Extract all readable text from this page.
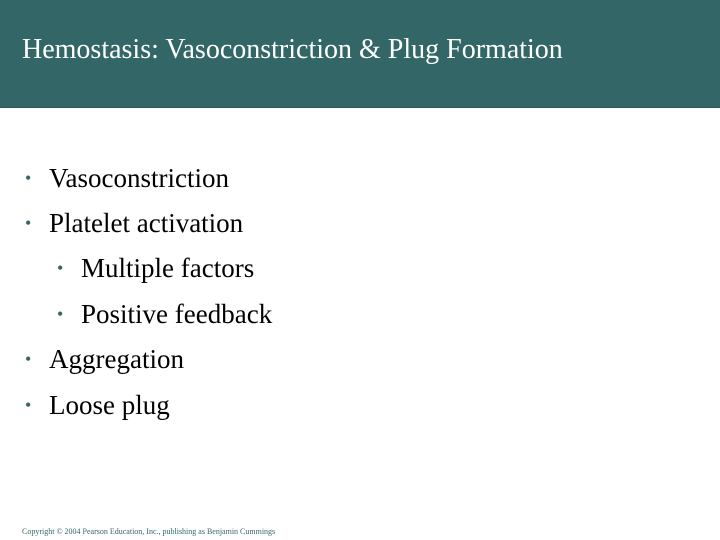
Hemostasis: Vasoconstriction & Plug Formation
• Vasoconstriction
• Platelet activation
• Multiple factors
• Positive feedback
• Aggregation
• Loose plug
Copyright © 2004 Pearson Education, Inc., publishing as Benjamin Cummings
